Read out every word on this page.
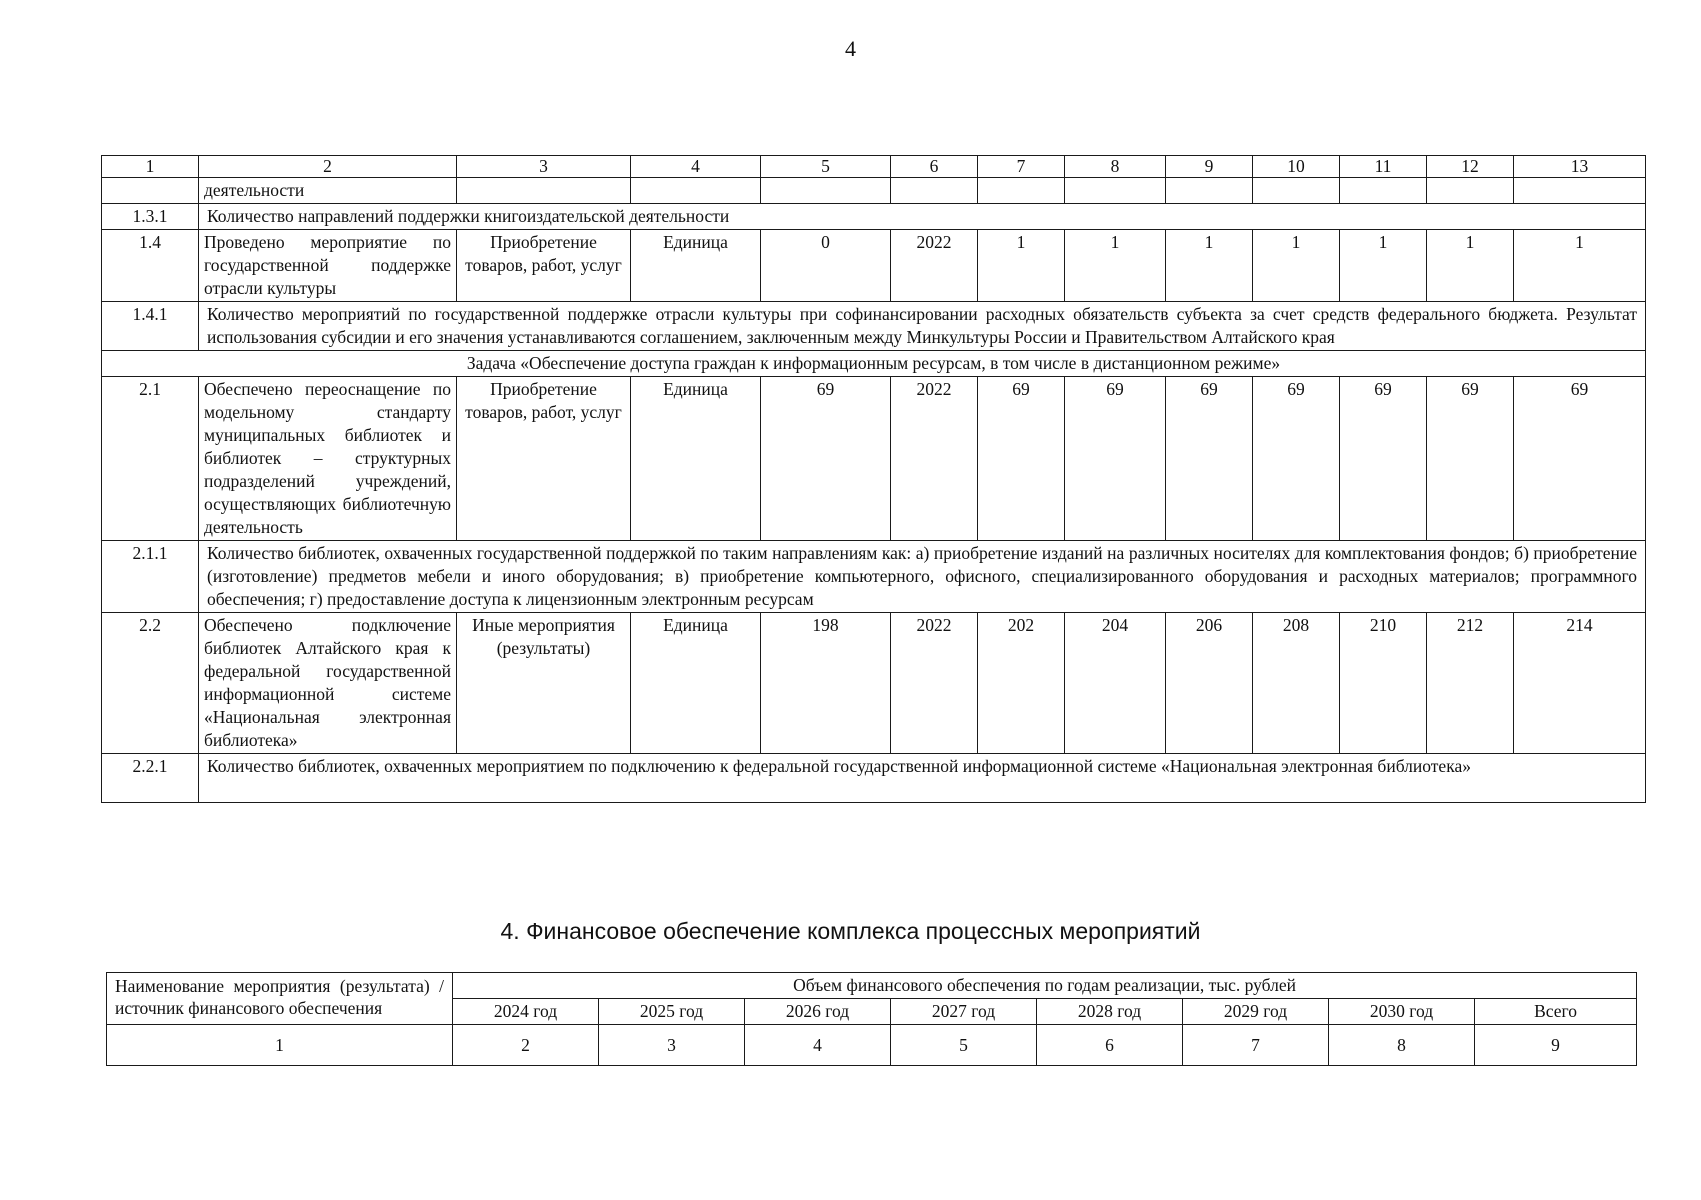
4
1	2	3	4	5	6	7	8	9	10	11	12	13
	деятельности											
1.3.1	Количество направлений поддержки книгоиздательской деятельности											
1.4	Проведено мероприятие по государственной поддержке отрасли культуры	Приобретение товаров, работ, услуг	Единица	0	2022	1	1	1	1	1	1	1
1.4.1	Количество мероприятий по государственной поддержке отрасли культуры при софинансировании расходных обязательств субъекта за счет средств федерального бюджета. Результат использования субсидии и его значения устанавливаются соглашением, заключенным между Минкультуры России и Правительством Алтайского края											
Задача «Обеспечение доступа граждан к информационным ресурсам, в том числе в дистанционном режиме»												
2.1	Обеспечено переоснащение по модельному стандарту муниципальных библиотек и библиотек – структурных подразделений учреждений, осуществляющих библиотечную деятельность	Приобретение товаров, работ, услуг	Единица	69	2022	69	69	69	69	69	69	69
2.1.1	Количество библиотек, охваченных государственной поддержкой по таким направлениям как: а) приобретение изданий на различных носителях для комплектования фондов; б) приобретение (изготовление) предметов мебели и иного оборудования; в) приобретение компьютерного, офисного, специализированного оборудования и расходных материалов; программного обеспечения; г) предоставление доступа к лицензионным электронным ресурсам											
2.2	Обеспечено подключение библиотек Алтайского края к федеральной государственной информационной системе «Национальная электронная библиотека»	Иные мероприятия (результаты)	Единица	198	2022	202	204	206	208	210	212	214
2.2.1	Количество библиотек, охваченных мероприятием по подключению к федеральной государственной информационной системе «Национальная электронная библиотека»											
4. Финансовое обеспечение комплекса процессных мероприятий
Наименование мероприятия (результата) / источник финансового обеспечения	Объем финансового обеспечения по годам реализации, тыс. рублей							
	2024 год	2025 год	2026 год	2027 год	2028 год	2029 год	2030 год	Всего
1	2	3	4	5	6	7	8	9
